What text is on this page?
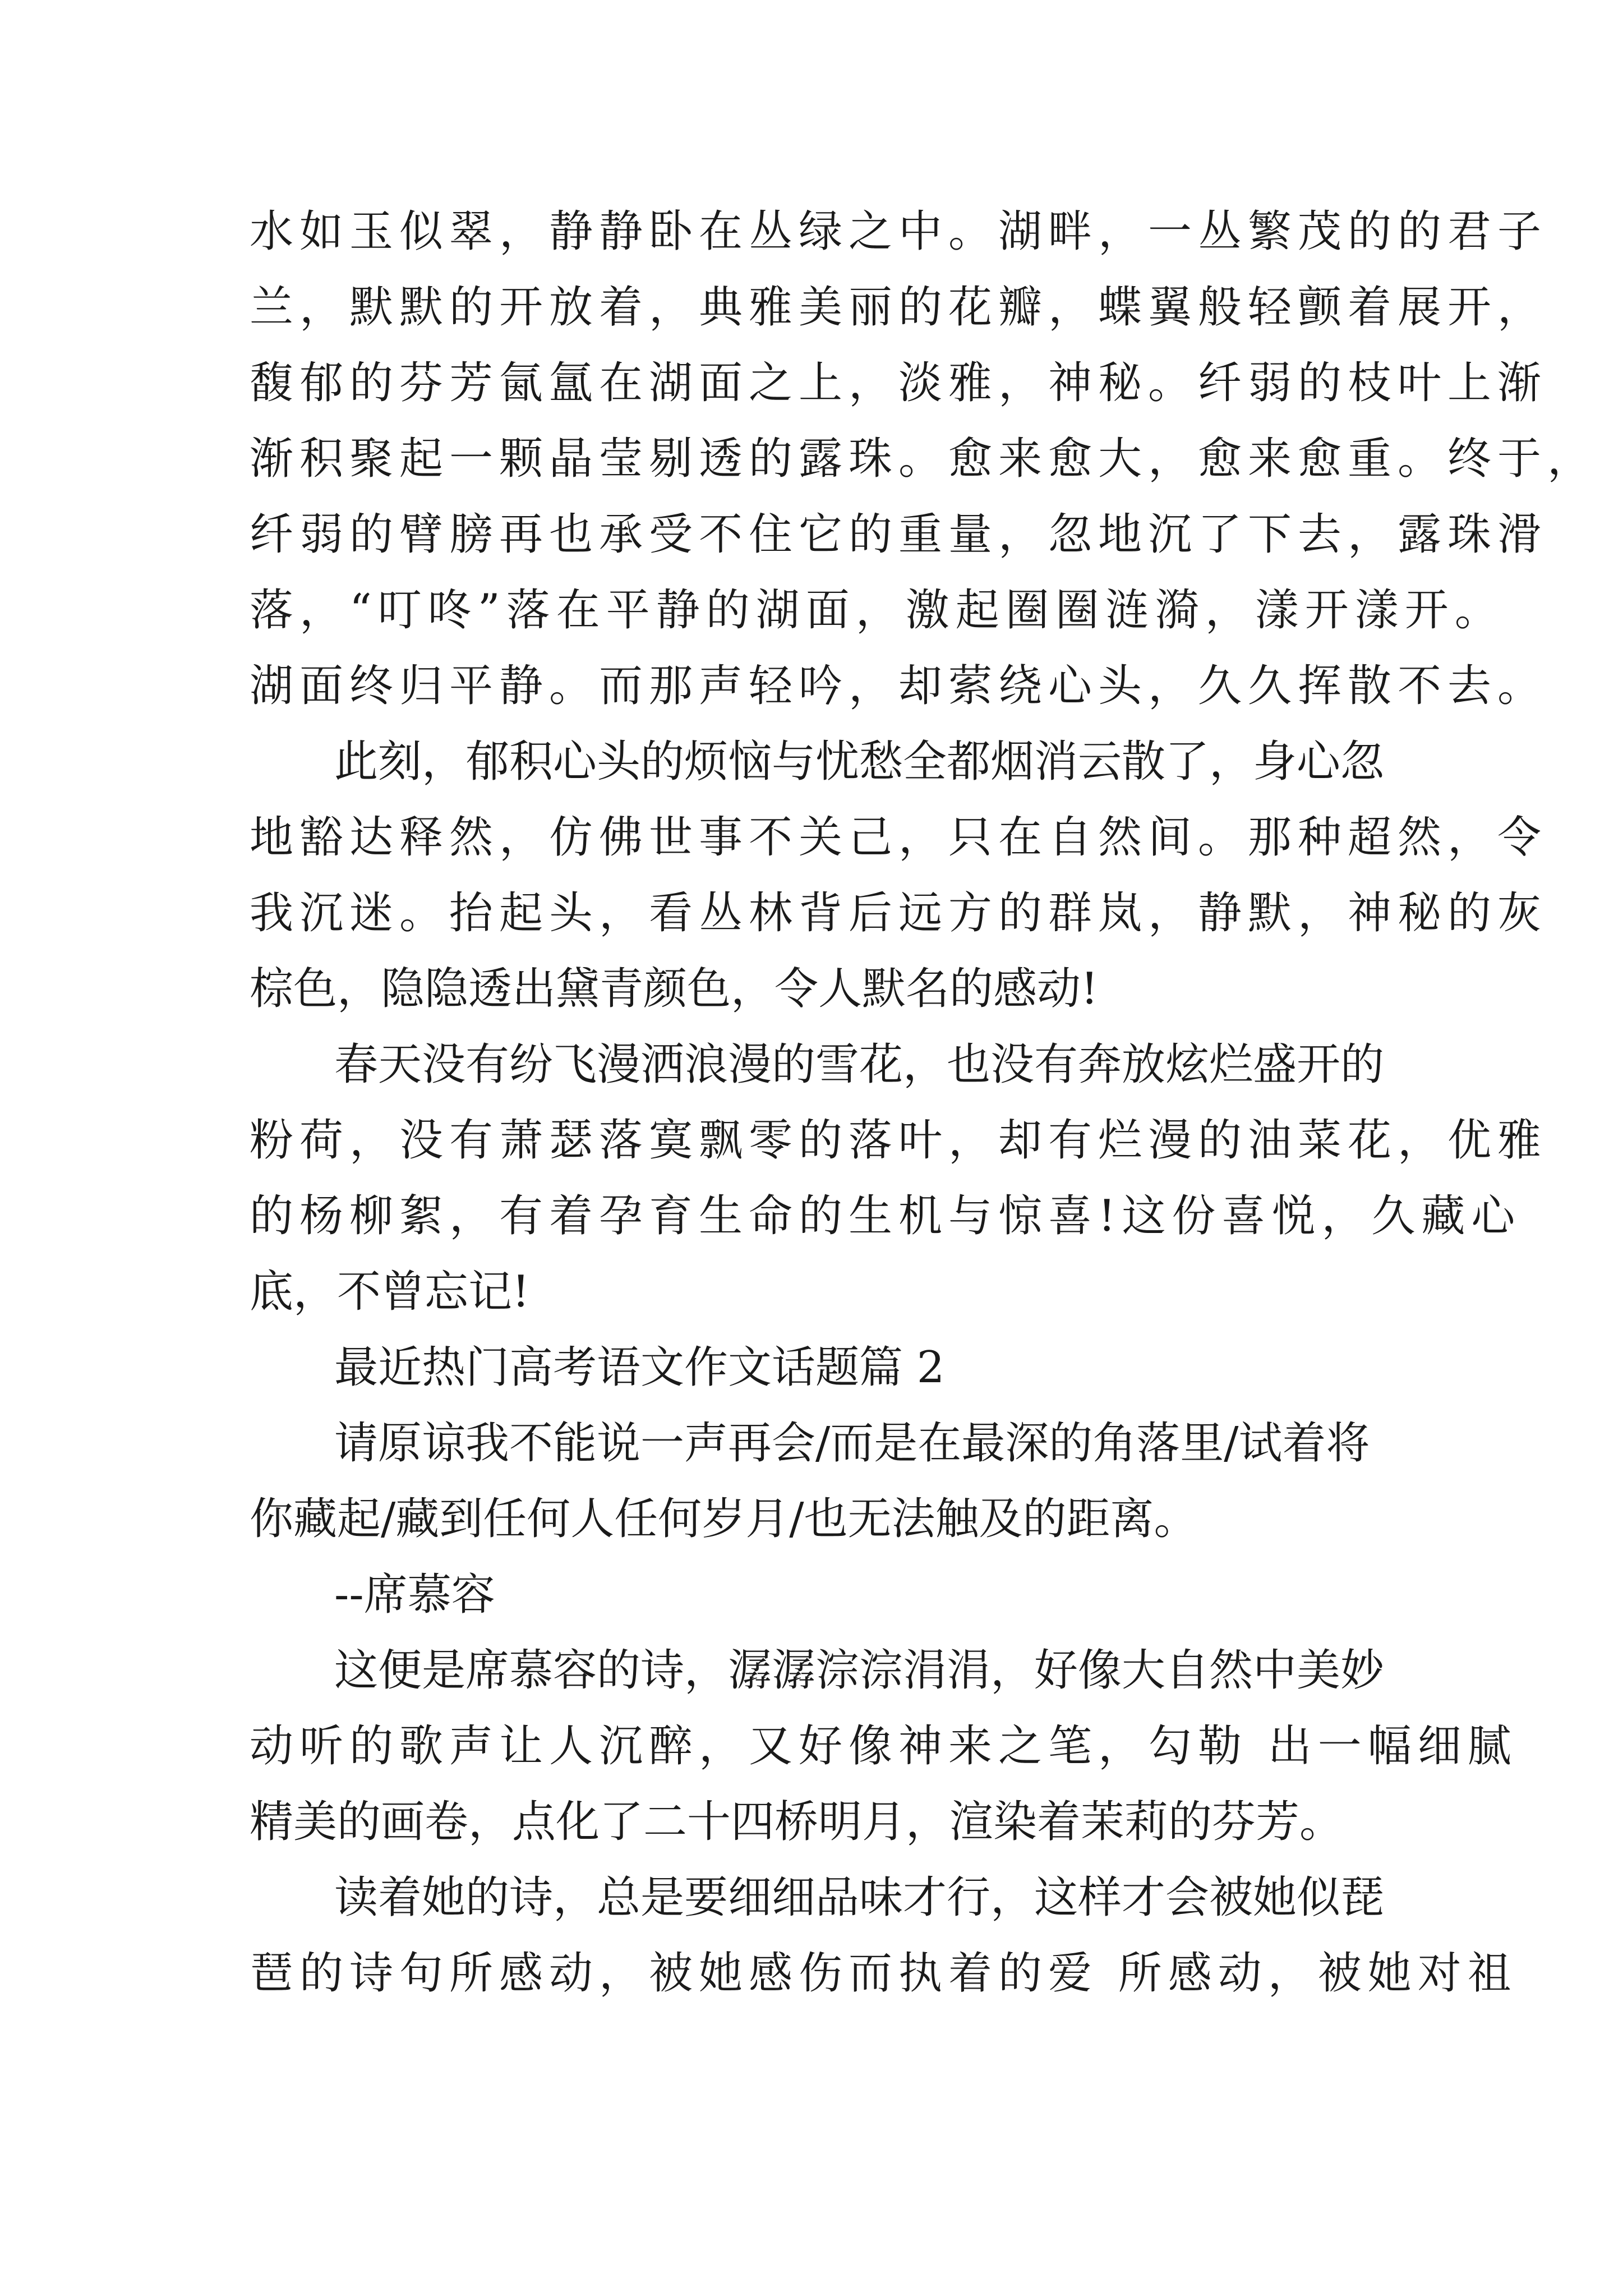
水如玉似翠，静静卧在丛绿之中。湖畔，一丛繁茂的的君子
兰，默默的开放着，典雅美丽的花瓣，蝶翼般轻颤着展开，
馥郁的芬芳氤氲在湖面之上，淡雅，神秘。纤弱的枝叶上渐
渐积聚起一颗晶莹剔透的露珠。愈来愈大，愈来愈重。终于，
纤弱的臂膀再也承受不住它的重量，忽地沉了下去，露珠滑
落，“叮咚”落在平静的湖面，激起圈圈涟漪，漾开漾开。
湖面终归平静。而那声轻吟，却萦绕心头，久久挥散不去。
此刻，郁积心头的烦恼与忧愁全都烟消云散了，身心忽
地豁达释然，仿佛世事不关己，只在自然间。那种超然，令
我沉迷。抬起头，看丛林背后远方的群岚，静默，神秘的灰
棕色，隐隐透出黛青颜色，令人默名的感动!
春天没有纷飞漫洒浪漫的雪花，也没有奔放炫烂盛开的
粉荷，没有萧瑟落寞飘零的落叶，却有烂漫的油菜花，优雅
的杨柳絮，有着孕育生命的生机与惊喜!这份喜悦，久藏心
底，不曾忘记!
最近热门高考语文作文话题篇 2
请原谅我不能说一声再会/而是在最深的角落里/试着将
你藏起/藏到任何人任何岁月/也无法触及的距离。
--席慕容
这便是席慕容的诗，潺潺淙淙涓涓，好像大自然中美妙
动听的歌声让人沉醉，又好像神来之笔，勾勒 出一幅细腻
精美的画卷，点化了二十四桥明月，渲染着茉莉的芬芳。
读着她的诗，总是要细细品味才行，这样才会被她似琵
琶的诗句所感动，被她感伤而执着的爱 所感动，被她对祖
